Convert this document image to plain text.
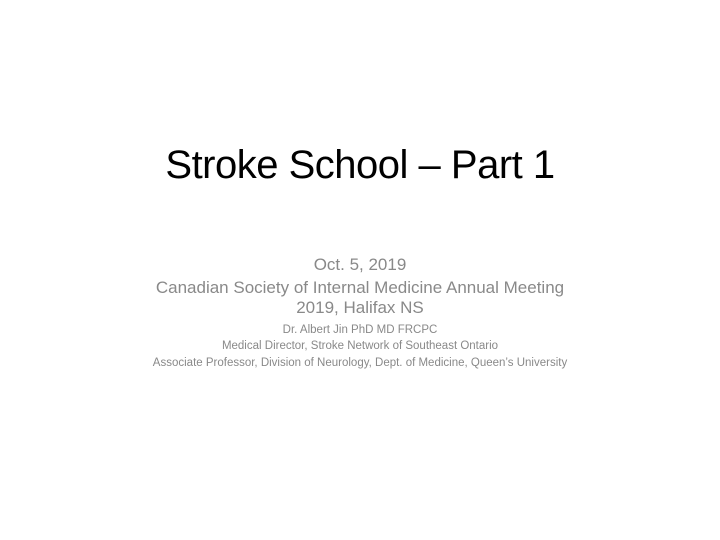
Stroke School – Part 1
Oct. 5, 2019
Canadian Society of Internal Medicine Annual Meeting
2019, Halifax NS
Dr. Albert Jin PhD MD FRCPC
Medical Director, Stroke Network of Southeast Ontario
Associate Professor, Division of Neurology, Dept. of Medicine, Queen’s University
